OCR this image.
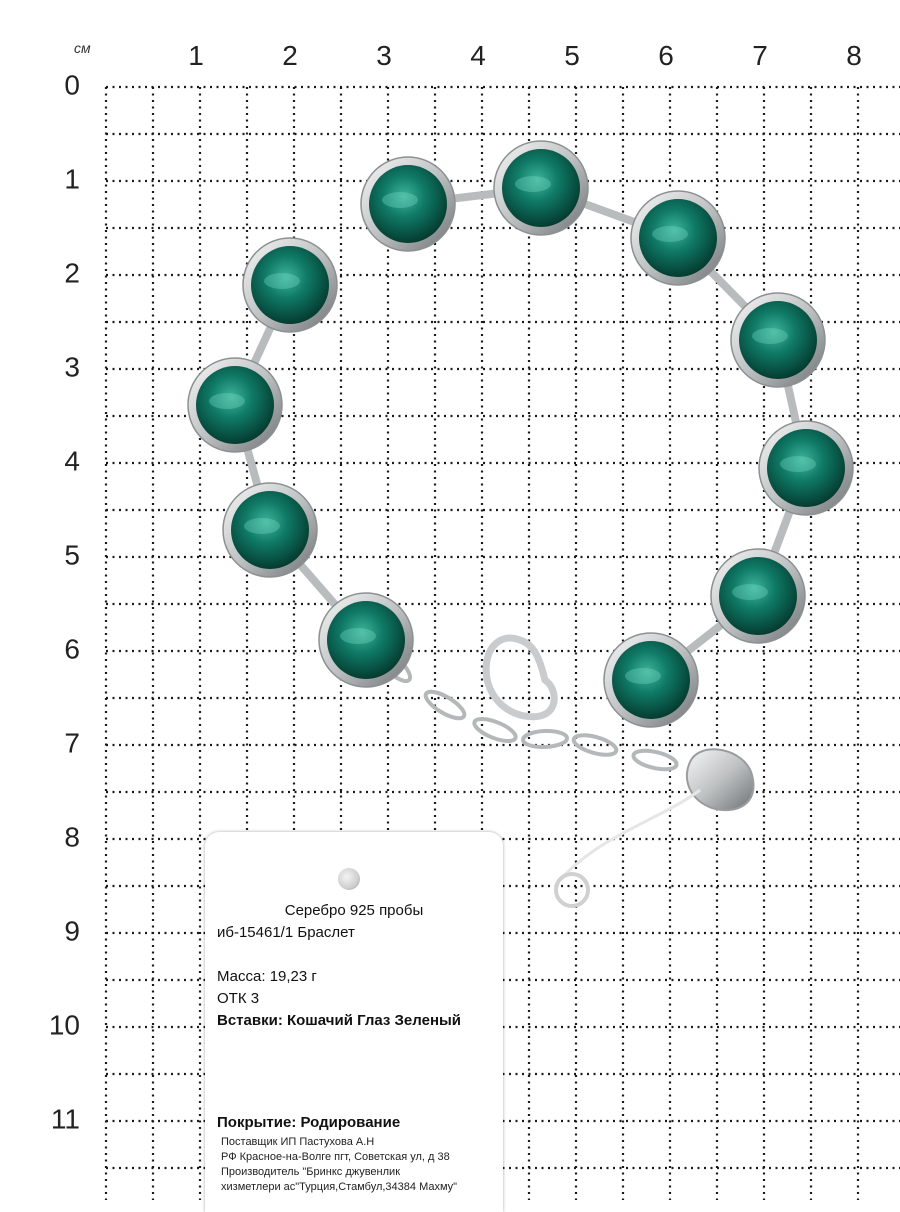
см	1	2	3	4	5	6	7	8
0
1
2
3
4
5
6
7
8
9
10
11
Серебро 925 пробы
иб-15461/1 Браслет
Масса: 19,23 г
ОТК 3
Вставки: Кошачий Глаз Зеленый
Покрытие: Родирование
Поставщик ИП Пастухова А.Н
РФ Красное-на-Волге пгт, Советская ул, д 38
Производитель "Бринкс джувенлик
хизметлери ас"Турция,Стамбул,34384 Махму"
